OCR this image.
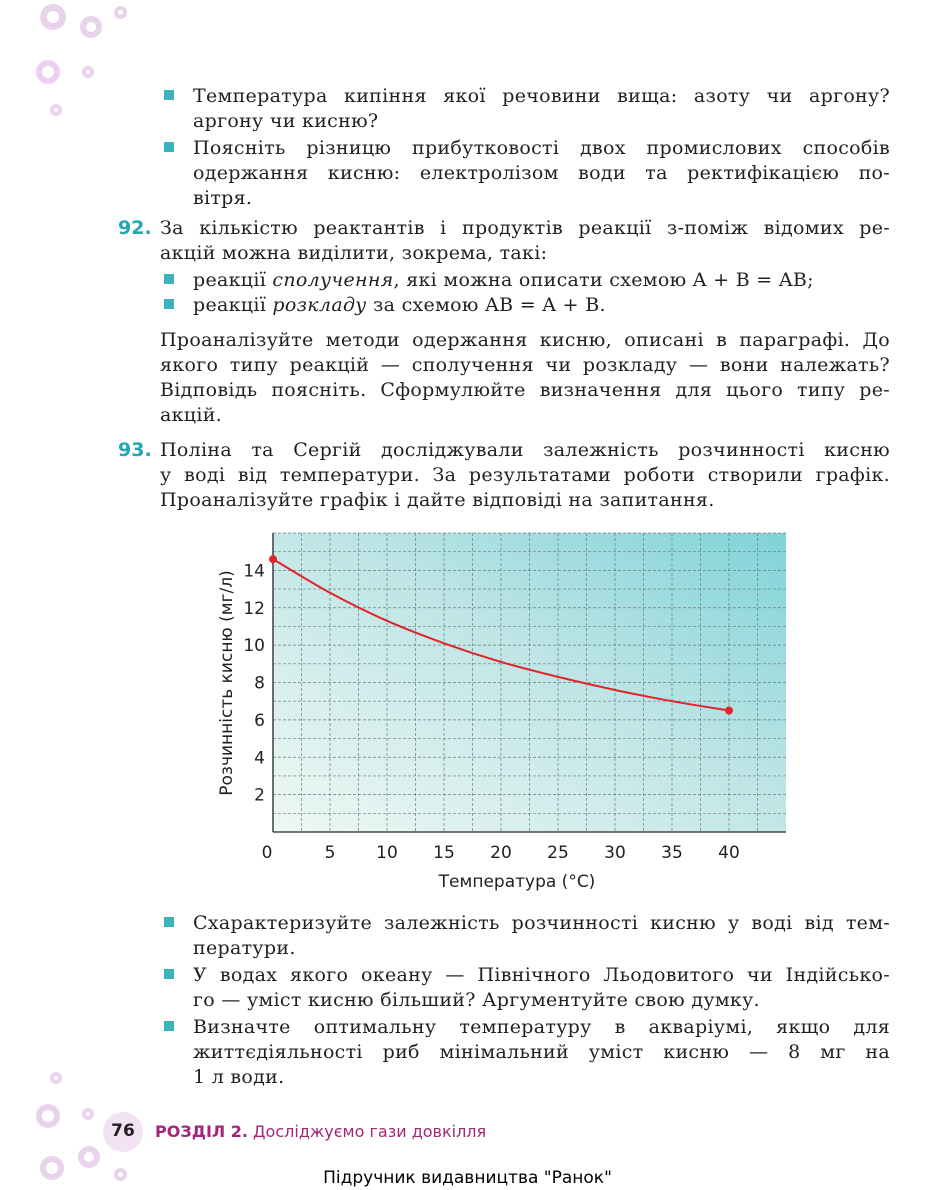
Температура кипіння якої речовини вища: азоту чи аргону?
аргону чи кисню?
Поясніть різницю прибутковості двох промислових способів
одержання кисню: електролізом води та ректифікацією по-
вітря.
92. За кількістю реактантів і продуктів реакції з-поміж відомих ре-
акцій можна виділити, зокрема, такі:
реакції сполучення, які можна описати схемою A + B = AB;
реакції розкладу за схемою AB = A + B.
Проаналізуйте методи одержання кисню, описані в параграфі. До
якого типу реакцій — сполучення чи розкладу — вони належать?
Відповідь поясніть. Сформулюйте визначення для цього типу ре-
акцій.
93. Поліна та Сергій досліджували залежність розчинності кисню
у воді від температури. За результатами роботи створили графік.
Проаналізуйте графік і дайте відповіді на запитання.
0	5 10 15 20 25 30 35 40
2
4
6
8
10
12
14
Температура (°C)
Розчинність кисню (мг/л)
Схарактеризуйте залежність розчинності кисню у воді від тем-
ператури.
У водах якого океану — Північного Льодовитого чи Індійсько-
го — уміст кисню більший? Аргументуйте свою думку.
Визначте оптимальну температуру в акваріумі, якщо для
життєдіяльності риб мінімальний уміст кисню — 8 мг на
1 л води.
76	РОЗДІЛ 2. Досліджуємо гази довкілля
Підручник видавництва "Ранок"
